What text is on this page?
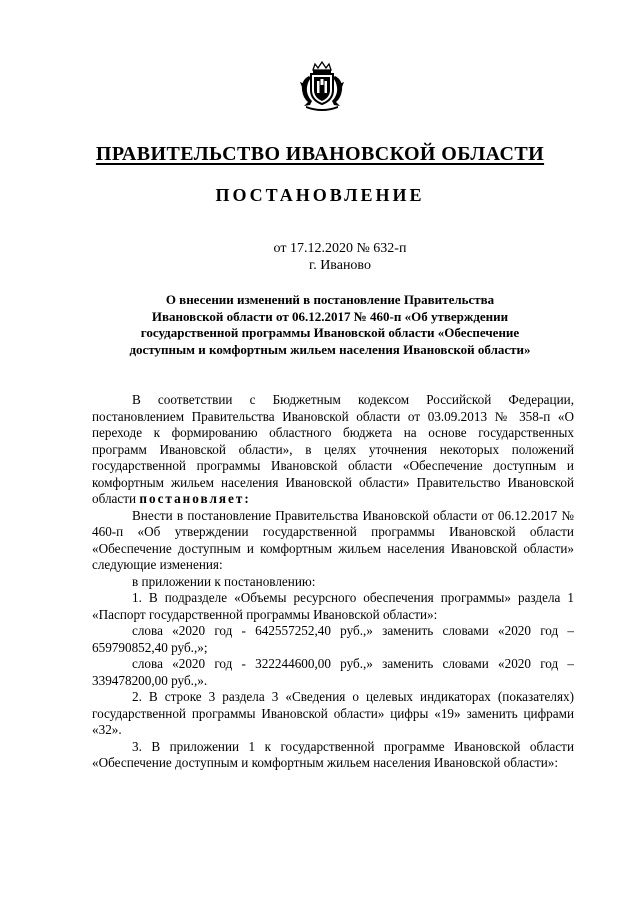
ПРАВИТЕЛЬСТВО ИВАНОВСКОЙ ОБЛАСТИ
ПОСТАНОВЛЕНИЕ
от 17.12.2020 № 632-п
г. Иваново
О внесении изменений в постановление Правительства
Ивановской области от 06.12.2017 № 460-п «Об утверждении
государственной программы Ивановской области «Обеспечение
доступным и комфортным жильем населения Ивановской области»

В соответствии с Бюджетным кодексом Российской Федерации, постановлением Правительства Ивановской области от 03.09.2013 № 358-п «О переходе к формированию областного бюджета на основе государственных программ Ивановской области», в целях уточнения некоторых положений государственной программы Ивановской области «Обеспечение доступным и комфортным жильем населения Ивановской области» Правительство Ивановской области постановляет:

Внести в постановление Правительства Ивановской области от 06.12.2017 № 460-п «Об утверждении государственной программы Ивановской области «Обеспечение доступным и комфортным жильем населения Ивановской области» следующие изменения:

в приложении к постановлению:

1. В подразделе «Объемы ресурсного обеспечения программы» раздела 1 «Паспорт государственной программы Ивановской области»:

слова «2020 год - 642557252,40 руб.,» заменить словами «2020 год – 659790852,40 руб.,»;

слова «2020 год - 322244600,00 руб.,» заменить словами «2020 год – 339478200,00 руб.,».

2. В строке 3 раздела 3 «Сведения о целевых индикаторах (показателях) государственной программы Ивановской области» цифры «19» заменить цифрами «32».

3. В приложении 1 к государственной программе Ивановской области «Обеспечение доступным и комфортным жильем населения Ивановской области»:
